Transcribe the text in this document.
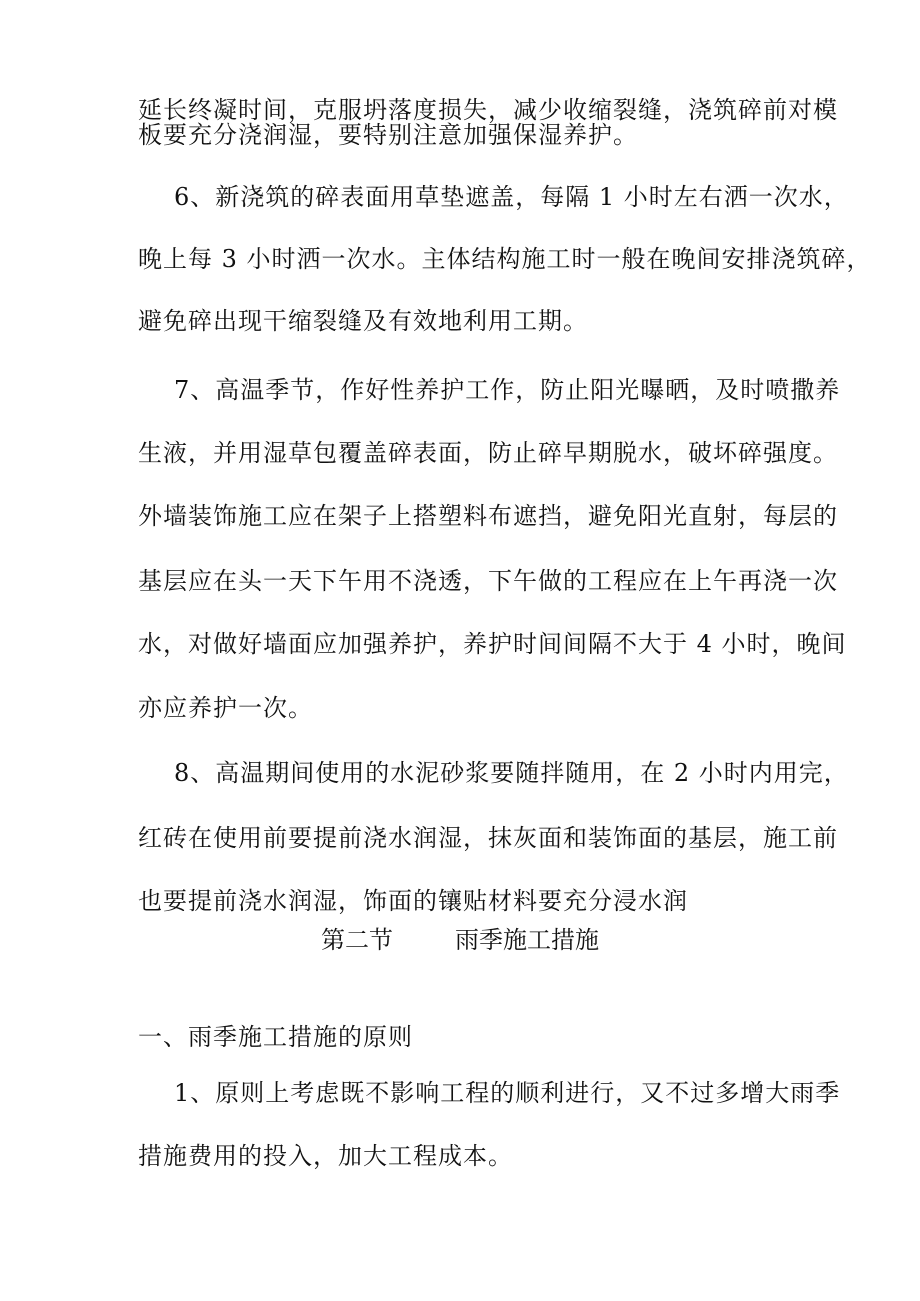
延长终凝时间，克服坍落度损失，减少收缩裂缝，浇筑碎前对模

板要充分浇润湿，要特别注意加强保湿养护。

6、新浇筑的碎表面用草垫遮盖，每隔 1 小时左右洒一次水，

晚上每 3 小时洒一次水。主体结构施工时一般在晚间安排浇筑碎，

避免碎出现干缩裂缝及有效地利用工期。

7、高温季节，作好性养护工作，防止阳光曝晒，及时喷撒养

生液，并用湿草包覆盖碎表面，防止碎早期脱水，破坏碎强度。

外墙装饰施工应在架子上搭塑料布遮挡，避免阳光直射，每层的

基层应在头一天下午用不浇透，下午做的工程应在上午再浇一次

水，对做好墙面应加强养护，养护时间间隔不大于 4 小时，晚间

亦应养护一次。

8、高温期间使用的水泥砂浆要随拌随用，在 2 小时内用完，

红砖在使用前要提前浇水润湿，抹灰面和装饰面的基层，施工前

也要提前浇水润湿，饰面的镶贴材料要充分浸水润

第二节	雨季施工措施

一、雨季施工措施的原则

1、原则上考虑既不影响工程的顺利进行，又不过多增大雨季

措施费用的投入，加大工程成本。
